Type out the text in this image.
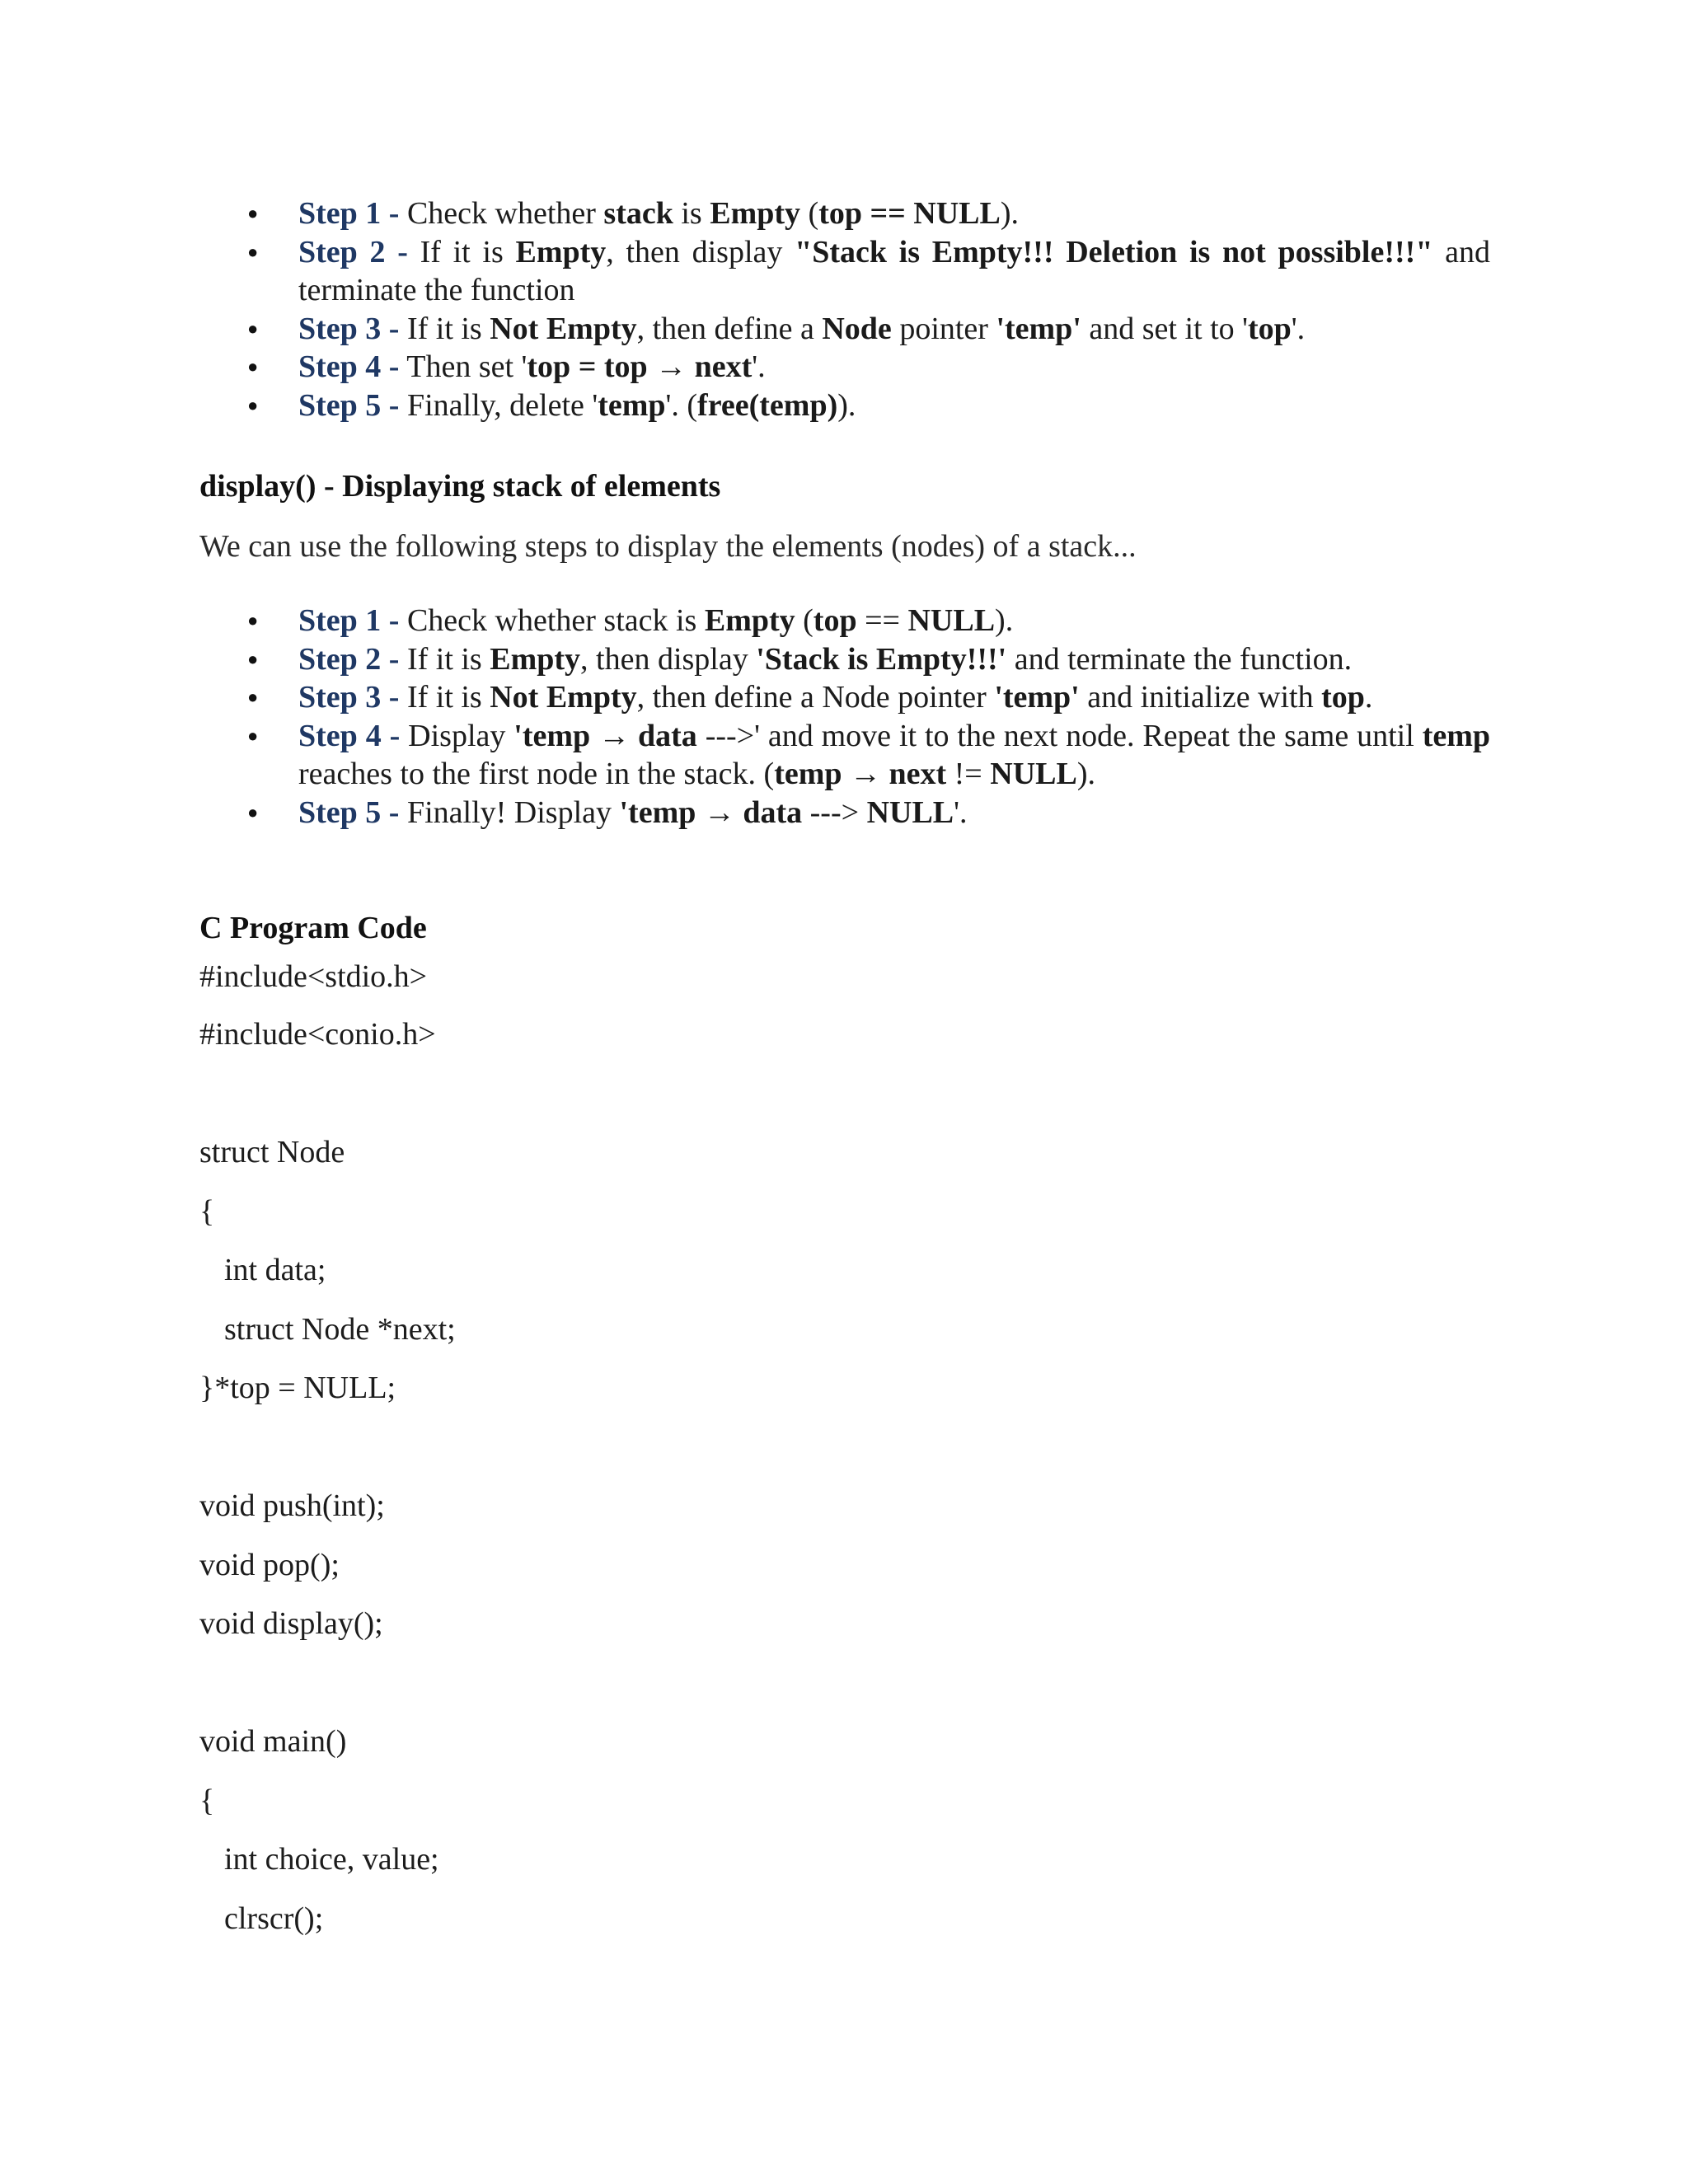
● Step 1 - Check whether stack is Empty (top == NULL).
● Step 2 - If it is Empty, then display "Stack is Empty!!! Deletion is not possible!!!" and terminate the function
● Step 3 - If it is Not Empty, then define a Node pointer 'temp' and set it to 'top'.
● Step 4 - Then set 'top = top → next'.
● Step 5 - Finally, delete 'temp'. (free(temp)).
display() - Displaying stack of elements
We can use the following steps to display the elements (nodes) of a stack...
● Step 1 - Check whether stack is Empty (top == NULL).
● Step 2 - If it is Empty, then display 'Stack is Empty!!!' and terminate the function.
● Step 3 - If it is Not Empty, then define a Node pointer 'temp' and initialize with top.
● Step 4 - Display 'temp → data --->' and move it to the next node. Repeat the same until temp reaches to the first node in the stack. (temp → next != NULL).
● Step 5 - Finally! Display 'temp → data ---> NULL'.
C Program Code
#include<stdio.h>
#include<conio.h>
struct Node
{
int data;
struct Node *next;
}*top = NULL;
void push(int);
void pop();
void display();
void main()
{
int choice, value;
clrscr();
